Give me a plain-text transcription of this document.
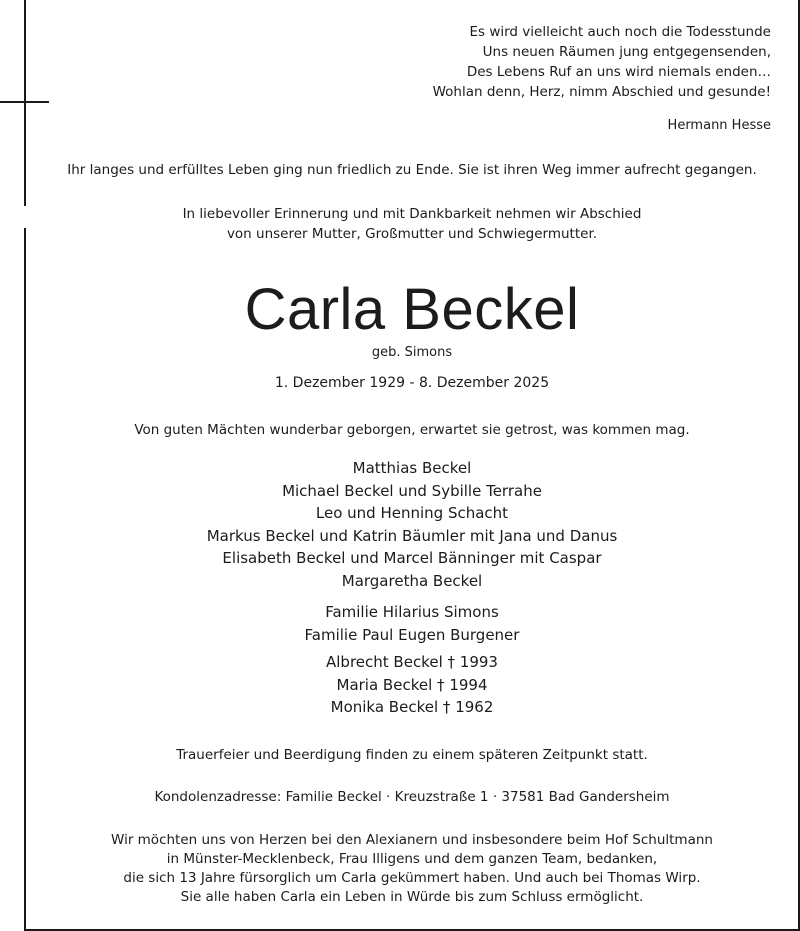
Es wird vielleicht auch noch die Todesstunde
Uns neuen Räumen jung entgegensenden,
Des Lebens Ruf an uns wird niemals enden…
Wohlan denn, Herz, nimm Abschied und gesunde!
Hermann Hesse
Ihr langes und erfülltes Leben ging nun friedlich zu Ende. Sie ist ihren Weg immer aufrecht gegangen.
In liebevoller Erinnerung und mit Dankbarkeit nehmen wir Abschied
von unserer Mutter, Großmutter und Schwiegermutter.
Carla Beckel
geb. Simons
1. Dezember 1929 - 8. Dezember 2025
Von guten Mächten wunderbar geborgen, erwartet sie getrost, was kommen mag.
Matthias Beckel
Michael Beckel und Sybille Terrahe
Leo und Henning Schacht
Markus Beckel und Katrin Bäumler mit Jana und Danus
Elisabeth Beckel und Marcel Bänninger mit Caspar
Margaretha Beckel
Familie Hilarius Simons
Familie Paul Eugen Burgener
Albrecht Beckel † 1993
Maria Beckel † 1994
Monika Beckel † 1962
Trauerfeier und Beerdigung finden zu einem späteren Zeitpunkt statt.
Kondolenzadresse: Familie Beckel · Kreuzstraße 1 · 37581 Bad Gandersheim
Wir möchten uns von Herzen bei den Alexianern und insbesondere beim Hof Schultmann
in Münster-Mecklenbeck, Frau Illigens und dem ganzen Team, bedanken,
die sich 13 Jahre fürsorglich um Carla gekümmert haben. Und auch bei Thomas Wirp.
Sie alle haben Carla ein Leben in Würde bis zum Schluss ermöglicht.
